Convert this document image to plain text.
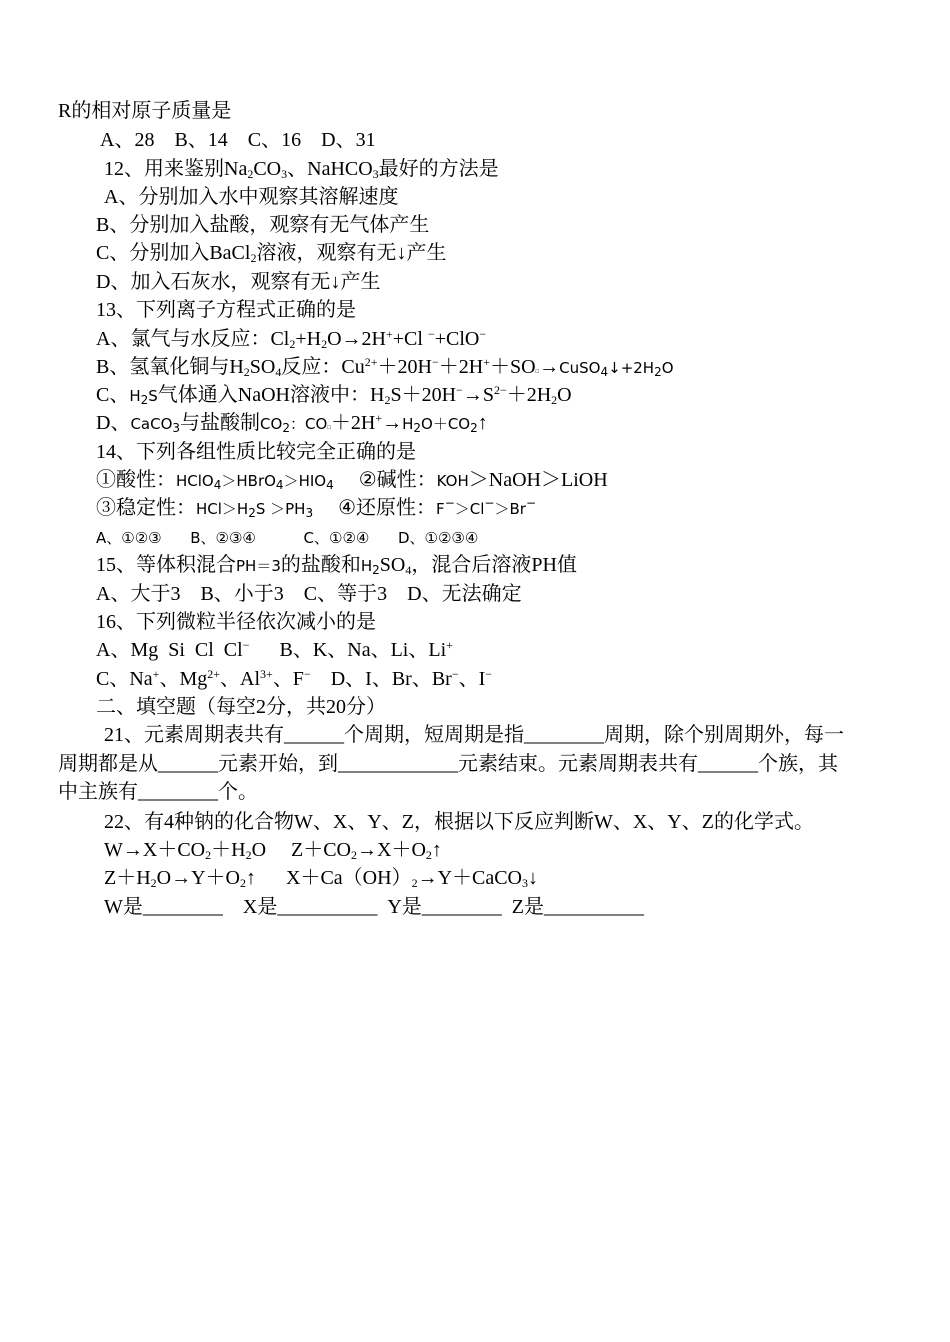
R的相对原子质量是
A、28    B、14    C、16    D、31
12、用来鉴别$Na_2CO_3$、NaHCO$_3$最好的方法是
A、分别加入水中观察其溶解速度
B、分别加入盐酸，观察有无气体产生
C、分别加入BaCl$_2$溶液，观察有无↓产生
D、加入石灰水，观察有无↓产生
13、下列离子方程式正确的是
A、氯气与水反应：$Cl_2+H_2O\to 2H^++Cl$ −+ClO−
B、氢氧化铜与$H_2SO_4$反应：$Cu^{2+}+20H^-+2H^++SO□\to CuSO_4↓+2H_2O$
C、$H_2S$气体通入NaOH溶液中：$H_2S+20H^-\to S^{2-}+2H_2O$
D、CaCO$_3$与盐酸制$CO_2$：$CO□+2H^+\to H_2O+CO_2↑$
14、下列各组性质比较完全正确的是
①酸性：$HClO_4>HBrO_4>HIO_4$     ②碱性：KOH＞NaOH＞LiOH
③稳定性：$HCl>H_2S >PH_3$     ④还原性：F−＞Cl−＞Br−
A、①②③      B、②③④          C、①②④      D、①②③④
15、等体积混合PH＝3的盐酸和$H_2SO_4$，混合后溶液PH值
A、大于3    B、小于3    C、等于3    D、无法确定
16、下列微粒半径依次减小的是
A、Mg  Si  Cl  Cl−      B、K、Na、Li、Li+
C、Na+、$Mg^{2+}$、$Al^{3+}$、F−    D、I、Br、Br−、I−
二、填空题（每空2分，共20分）
21、元素周期表共有______个周期，短周期是指________周期，除个别周期外，每一
周期都是从______元素开始，到____________元素结束。元素周期表共有______个族，其
中主族有________个。
22、有4种钠的化合物W、X、Y、Z，根据以下反应判断W、X、Y、Z的化学式。
$W\to X+CO_2+H_2O$     $Z+CO_2\to X+O_2↑$
$Z+H_2O\to Y+O_2↑$      $X+Ca(OH)_2\to Y+CaCO_3↓$
W是________    X是__________  Y是________  Z是__________
